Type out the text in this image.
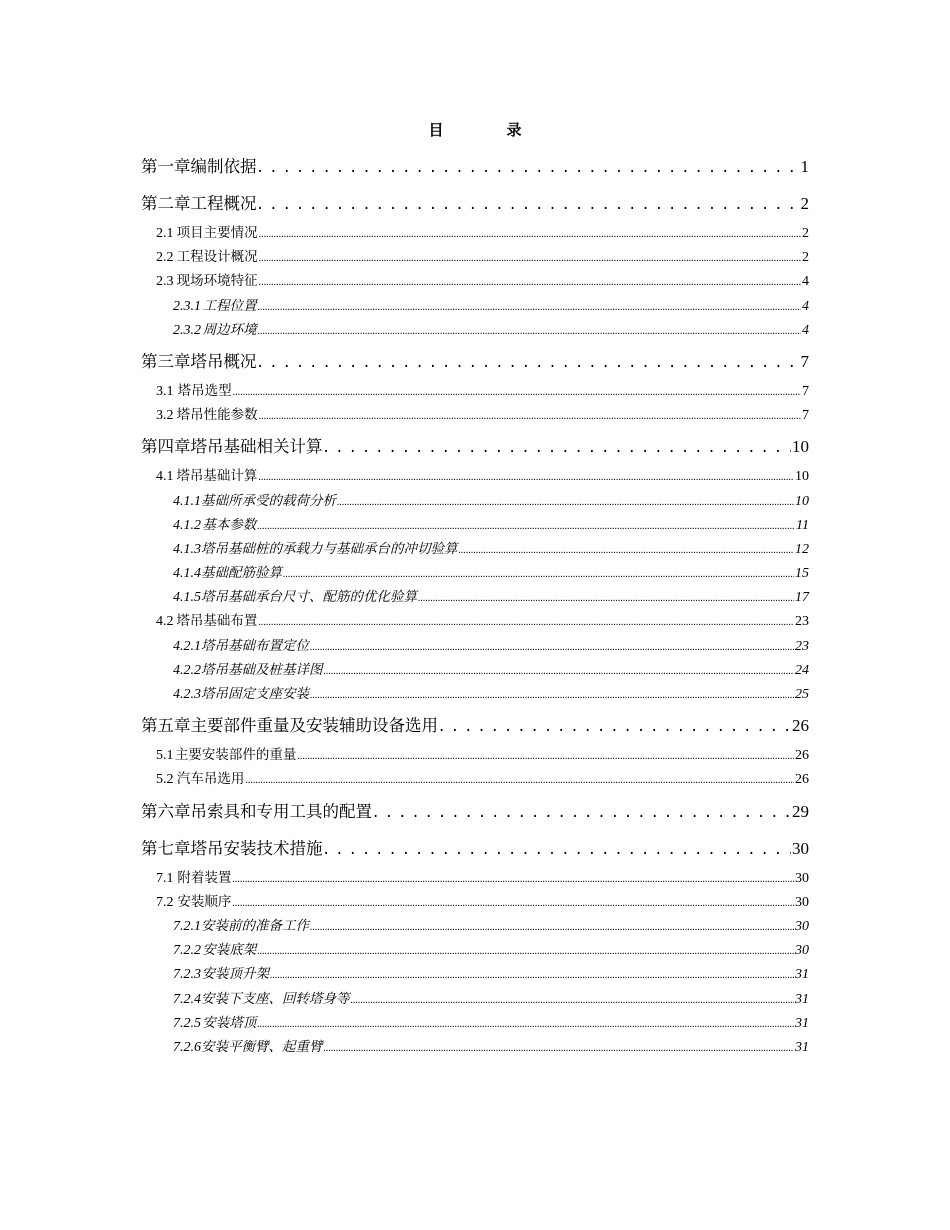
目　录
第一章 编制依据 . . .	1
第二章 工程概况 . . .	2
2.1 项目主要情况 .....	2
2.2 工程设计概况 .....	2
2.3 现场环境特征 .....	4
2.3.1 工程位置 .....	4
2.3.2 周边环境 .....	4
第三章 塔吊概况 . . .	7
3.1 塔吊选型 .....	7
3.2 塔吊性能参数 .....	7
第四章 塔吊基础相关计算 . . .	10
4.1 塔吊基础计算 .....	10
4.1.1 基础所承受的载荷分析 .....	10
4.1.2 基本参数 .....	11
4.1.3 塔吊基础桩的承载力与基础承台的冲切验算 .....	12
4.1.4 基础配筋验算 .....	15
4.1.5 塔吊基础承台尺寸、配筋的优化验算 .....	17
4.2 塔吊基础布置 .....	23
4.2.1 塔吊基础布置定位 .....	23
4.2.2 塔吊基础及桩基详图 .....	24
4.2.3 塔吊固定支座安装 .....	25
第五章 主要部件重量及安装辅助设备选用 . . .	26
5.1 主要安装部件的重量 .....	26
5.2 汽车吊选用 .....	26
第六章 吊索具和专用工具的配置 . . .	29
第七章 塔吊安装技术措施 . . .	30
7.1 附着装置 .....	30
7.2 安装顺序 .....	30
7.2.1 安装前的准备工作 .....	30
7.2.2 安装底架 .....	30
7.2.3 安装顶升架 .....	31
7.2.4 安装下支座、回转塔身等 .....	31
7.2.5 安装塔顶 .....	31
7.2.6 安装平衡臂、起重臂 .....	31
